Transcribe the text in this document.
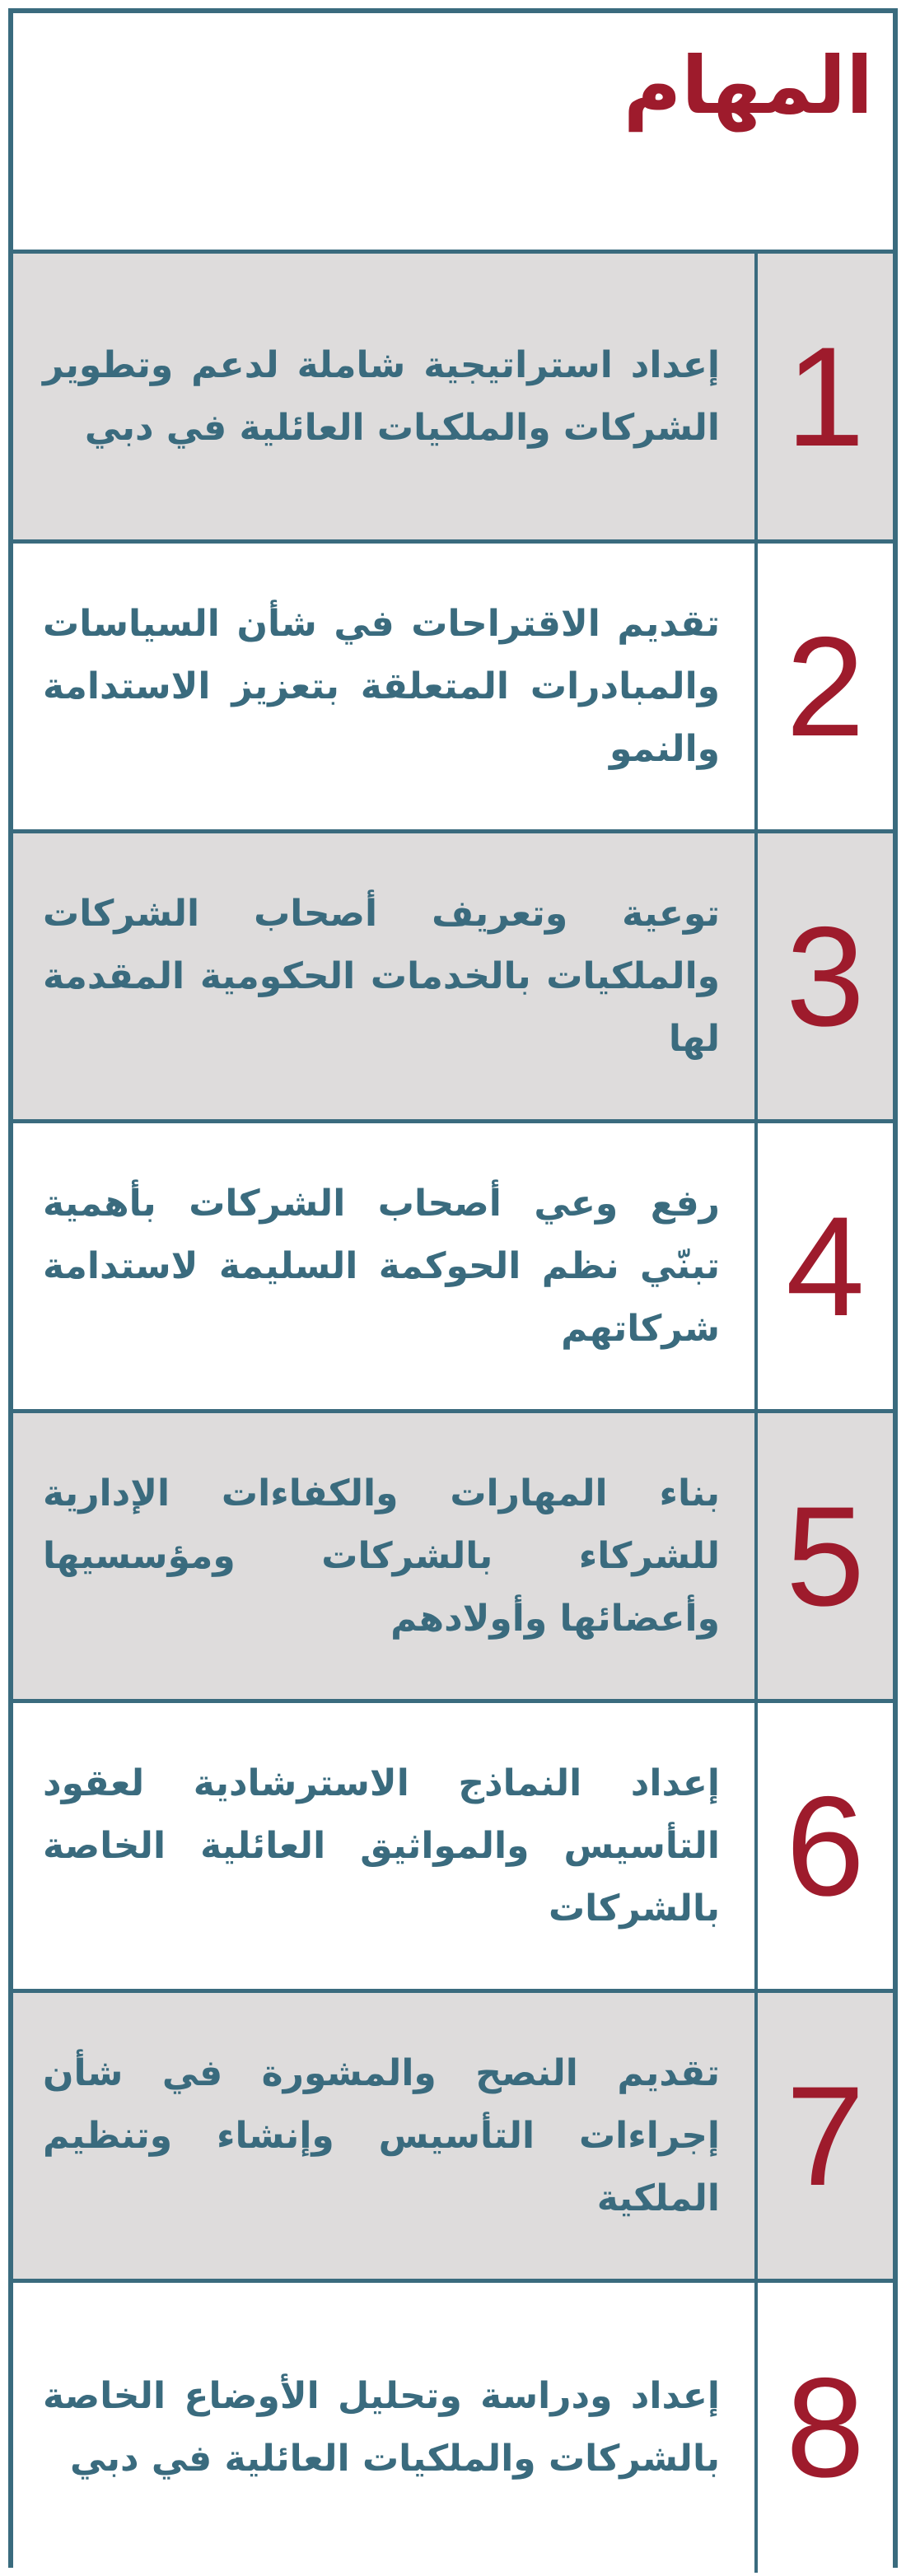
المهام
1

إعداد استراتيجية شاملة لدعم وتطوير الشركات والملكيات العائلية في دبي

2

تقديم الاقتراحات في شأن السياسات والمبادرات المتعلقة بتعزيز الاستدامة والنمو

3

توعية وتعريف أصحاب الشركات والملكيات بالخدمات الحكومية المقدمة لها

4

رفع وعي أصحاب الشركات بأهمية تبنّي نظم الحوكمة السليمة لاستدامة شركاتهم

5

بناء المهارات والكفاءات الإدارية للشركاء بالشركات ومؤسسيها وأعضائها وأولادهم

6

إعداد النماذج الاسترشادية لعقود التأسيس والمواثيق العائلية الخاصة بالشركات

7

تقديم النصح والمشورة في شأن إجراءات التأسيس وإنشاء وتنظيم الملكية

8

إعداد ودراسة وتحليل الأوضاع الخاصة بالشركات والملكيات العائلية في دبي
